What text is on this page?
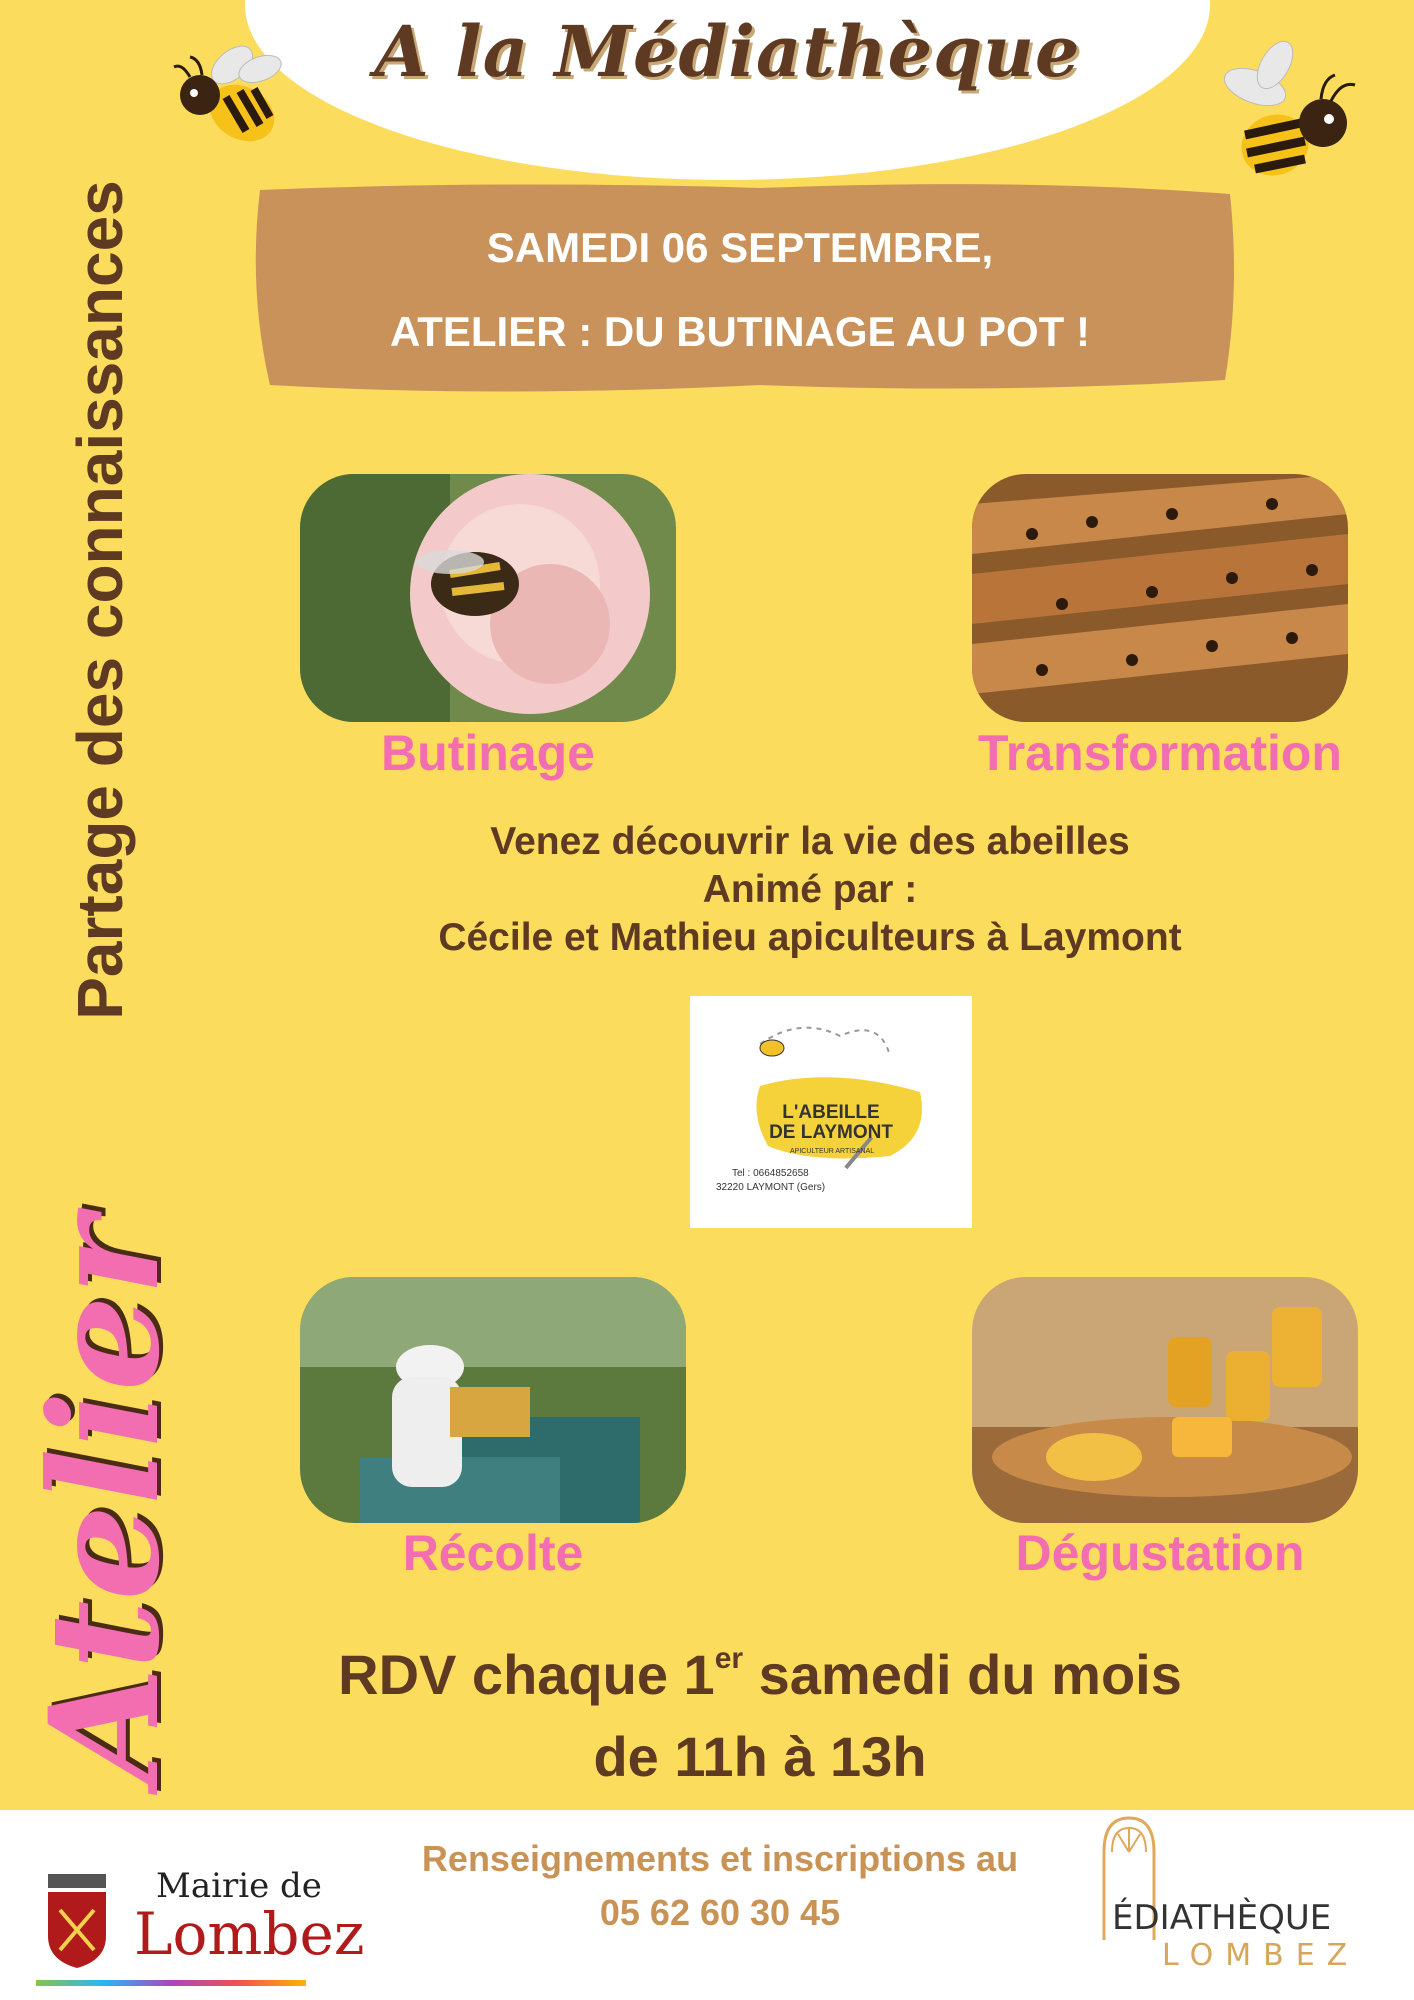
A la Médiathèque
SAMEDI 06 SEPTEMBRE,
ATELIER : DU BUTINAGE AU POT !
Partage des connaissances
Atelier
Butinage	Transformation
Venez découvrir la vie des abeilles
Animé par :
Cécile et Mathieu apiculteurs à Laymont
L'ABEILLE
DE LAYMONT
APICULTEUR ARTISANAL
Tel : 0664852658
32220 LAYMONT (Gers)
Récolte	Dégustation
RDV chaque 1er samedi du mois
de 11h à 13h
Mairie de
Lombez
Renseignements et inscriptions au
05 62 60 30 45	ÉDIATHÈQUE
LOMBEZ
